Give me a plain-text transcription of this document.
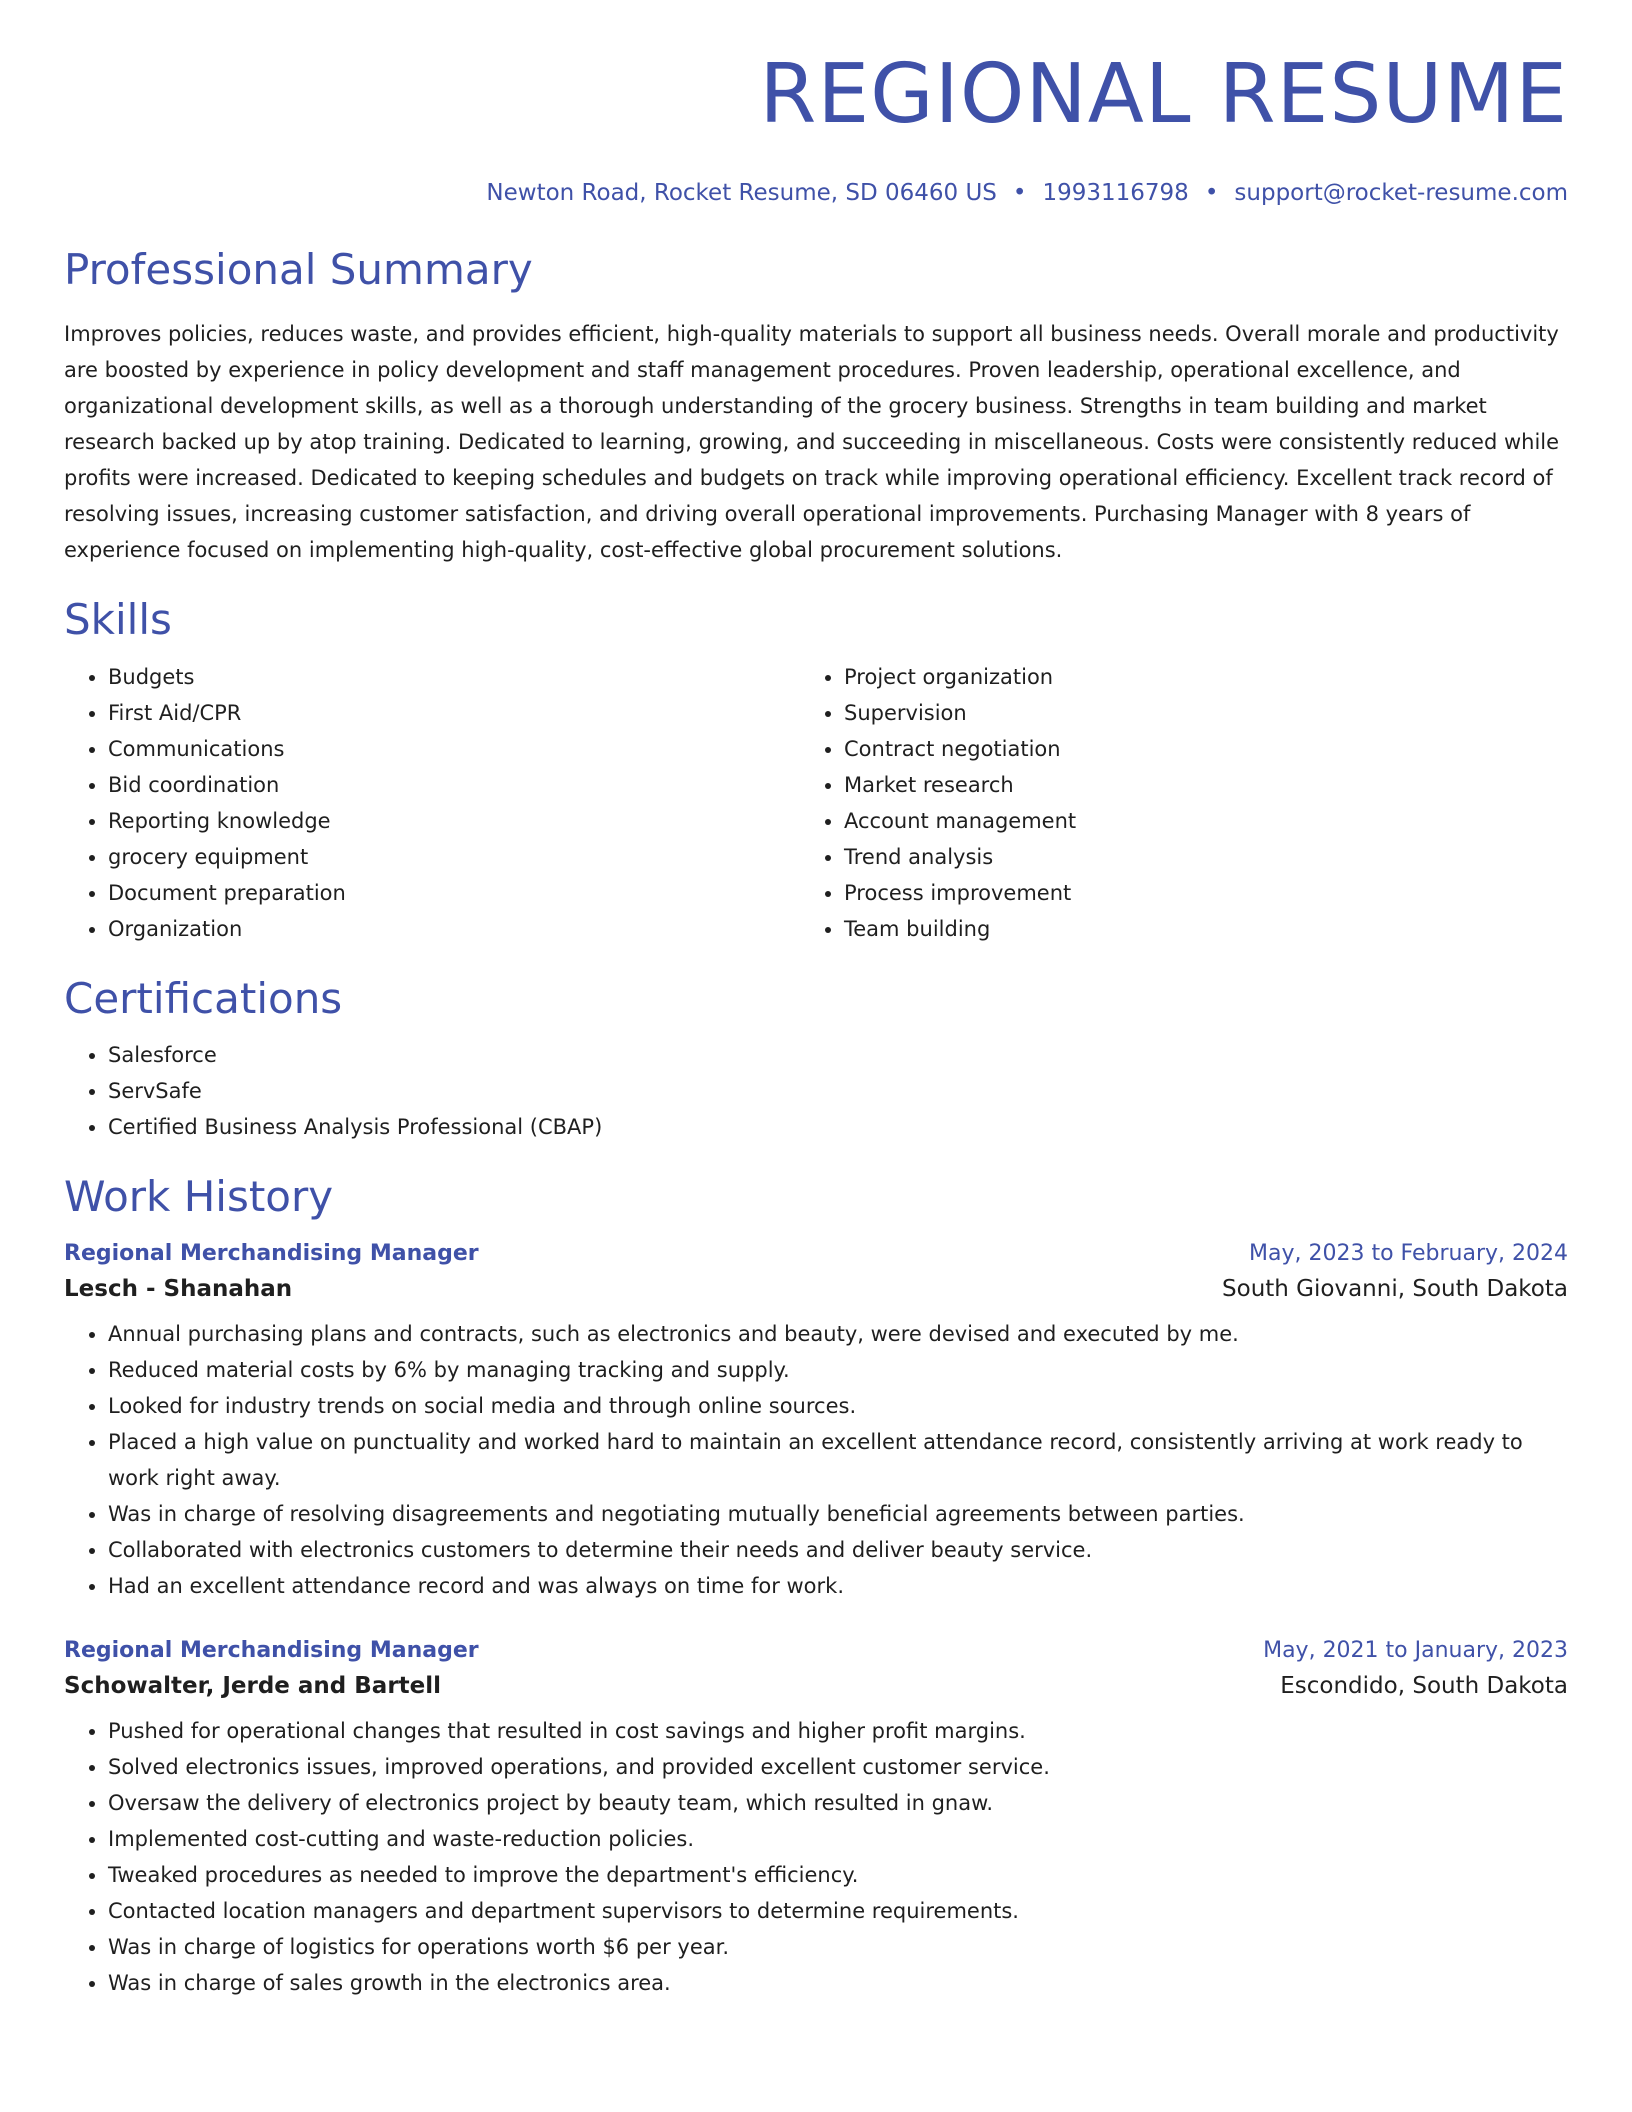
REGIONAL RESUME
Newton Road, Rocket Resume, SD 06460 US • 1993116798 • support@rocket-resume.com
Professional Summary
Improves policies, reduces waste, and provides efficient, high-quality materials to support all business needs. Overall morale and productivity are boosted by experience in policy development and staff management procedures. Proven leadership, operational excellence, and organizational development skills, as well as a thorough understanding of the grocery business. Strengths in team building and market research backed up by atop training. Dedicated to learning, growing, and succeeding in miscellaneous. Costs were consistently reduced while profits were increased. Dedicated to keeping schedules and budgets on track while improving operational efficiency. Excellent track record of resolving issues, increasing customer satisfaction, and driving overall operational improvements. Purchasing Manager with 8 years of experience focused on implementing high-quality, cost-effective global procurement solutions.
Skills
• Budgets
• First Aid/CPR
• Communications
• Bid coordination
• Reporting knowledge
• grocery equipment
• Document preparation
• Organization
• Project organization
• Supervision
• Contract negotiation
• Market research
• Account management
• Trend analysis
• Process improvement
• Team building
Certifications
• Salesforce
• ServSafe
• Certified Business Analysis Professional (CBAP)
Work History
Regional Merchandising Manager	May, 2023 to February, 2024
Lesch - Shanahan	South Giovanni, South Dakota
• Annual purchasing plans and contracts, such as electronics and beauty, were devised and executed by me.
• Reduced material costs by 6% by managing tracking and supply.
• Looked for industry trends on social media and through online sources.
• Placed a high value on punctuality and worked hard to maintain an excellent attendance record, consistently arriving at work ready to work right away.
• Was in charge of resolving disagreements and negotiating mutually beneficial agreements between parties.
• Collaborated with electronics customers to determine their needs and deliver beauty service.
• Had an excellent attendance record and was always on time for work.
Regional Merchandising Manager	May, 2021 to January, 2023
Schowalter, Jerde and Bartell	Escondido, South Dakota
• Pushed for operational changes that resulted in cost savings and higher profit margins.
• Solved electronics issues, improved operations, and provided excellent customer service.
• Oversaw the delivery of electronics project by beauty team, which resulted in gnaw.
• Implemented cost-cutting and waste-reduction policies.
• Tweaked procedures as needed to improve the department's efficiency.
• Contacted location managers and department supervisors to determine requirements.
• Was in charge of logistics for operations worth $6 per year.
• Was in charge of sales growth in the electronics area.
